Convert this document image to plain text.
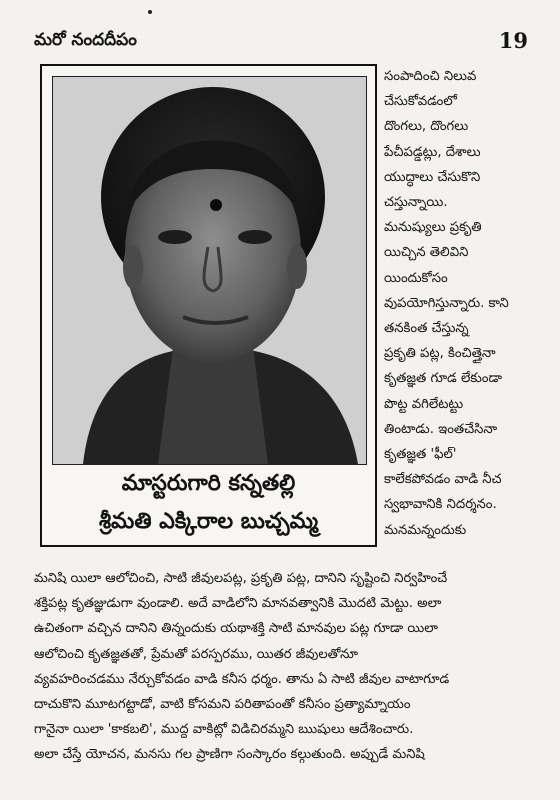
మరో నందదీపం	19
మాస్టరుగారి కన్నతల్లి
శ్రీమతి ఎక్కిరాల బుచ్చమ్మ
సంపాదించి నిలువ
చేసుకోవడంలో
దొంగలు, దొంగలు
పేచీపడ్డట్లు, దేశాలు
యుద్ధాలు చేసుకొని
చస్తున్నాయి.
మనుష్యులు ప్రకృతి
యిచ్చిన తెలివిని
యిందుకోసం
వుపయోగిస్తున్నారు. కాని
తనకింత చేస్తున్న
ప్రకృతి పట్ల, కించిత్తైనా
కృతజ్ఞత గూడ లేకుండా
పొట్ట వగిలేటట్టు
తింటాడు. ఇంతచేసినా
కృతజ్ఞత 'ఫీల్'
కాలేకపోవడం వాడి నీచ
స్వభావానికి నిదర్శనం.
మనమన్నందుకు
మనిషి యిలా ఆలోచించి, సాటి జీవులపట్ల, ప్రకృతి పట్ల, దానిని సృష్టించి నిర్వహించే
శక్తిపట్ల కృతజ్ఞుడుగా వుండాలి. అదే వాడిలోని మానవత్వానికి మొదటి మెట్టు. అలా
ఉచితంగా వచ్చిన దానిని తిన్నందుకు యథాశక్తి సాటి మానవుల పట్ల గూడా యిలా
ఆలోచించి కృతజ్ఞతతో, ప్రేమతో పరస్పరము, యితర జీవులతోనూ
వ్యవహరించడము నేర్చుకోవడం వాడి కనీస ధర్మం. తాను ఏ సాటి జీవుల వాటాగూడ
దాచుకొని మూటగట్టాడో, వాటి కోసమని పరితాపంతో కనీసం ప్రత్యామ్నాయం
గానైనా యిలా 'కాకబలి', ముద్ద వాకిట్లో విడిచిరమ్మని ఋషులు ఆదేశించారు.
అలా చేస్తే యోచన, మనసు గల ప్రాణిగా సంస్కారం కల్గుతుంది. అప్పుడే మనిషి
